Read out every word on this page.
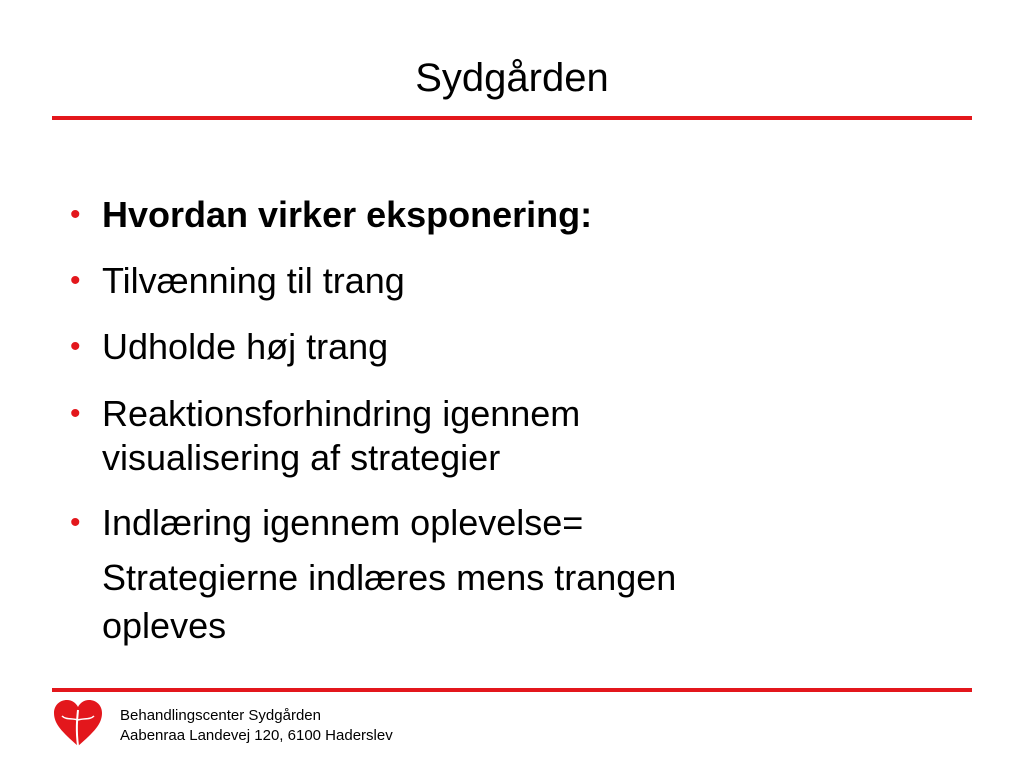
Sydgården
• Hvordan virker eksponering:
• Tilvænning til trang
• Udholde høj trang
• Reaktionsforhindring igennem
visualisering af strategier
• Indlæring igennem oplevelse=
Strategierne indlæres mens trangen
opleves
Behandlingscenter Sydgården
Aabenraa Landevej 120, 6100 Haderslev
